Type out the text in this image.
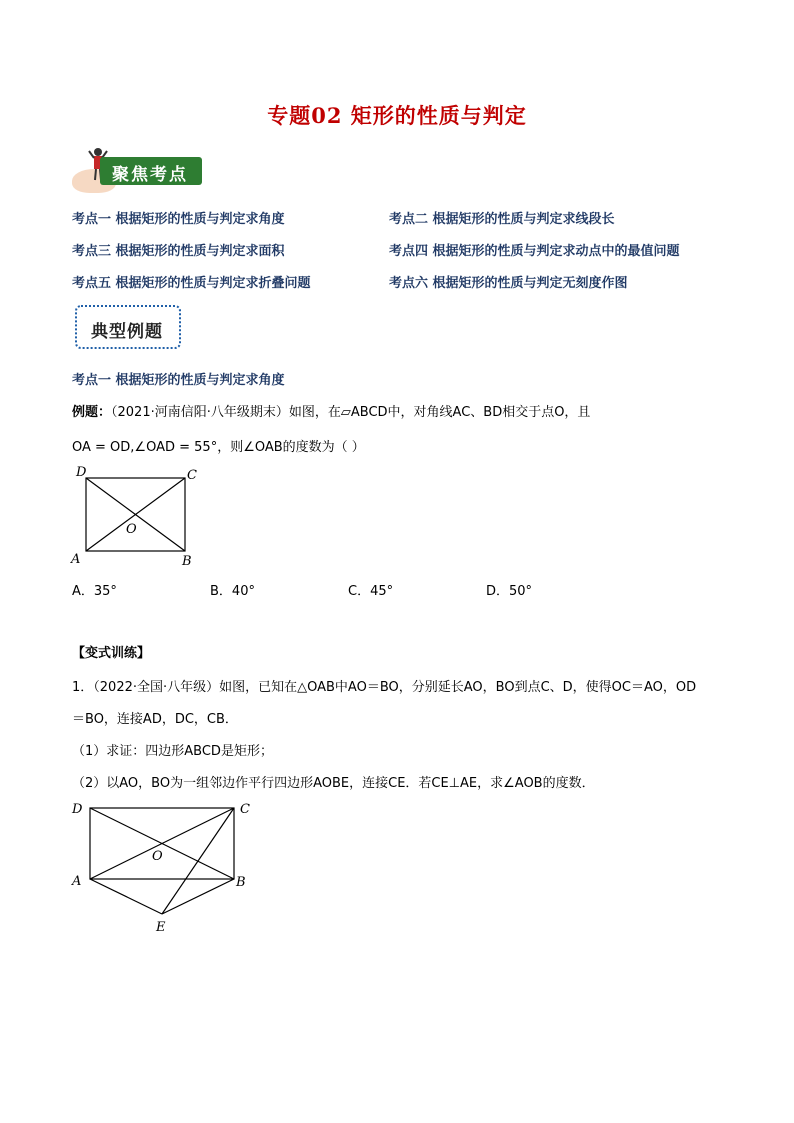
专题02 矩形的性质与判定
聚焦考点
考点一 根据矩形的性质与判定求角度	考点二 根据矩形的性质与判定求线段长
考点三 根据矩形的性质与判定求面积	考点四 根据矩形的性质与判定求动点中的最值问题
考点五 根据矩形的性质与判定求折叠问题	考点六 根据矩形的性质与判定无刻度作图
典型例题
考点一 根据矩形的性质与判定求角度
例题：（2021·河南信阳·八年级期末）如图，在▱ABCD中，对角线AC、BD相交于点O，且
OA = OD,∠OAD = 55°，则∠OAB的度数为（ ）
D	C
A	B
O
A．35°	B．40°	C．45°	D．50°
【变式训练】
1．（2022·全国·八年级）如图，已知在△OAB中AO＝BO，分别延长AO，BO到点C、D，使得OC＝AO，OD
＝BO，连接AD，DC，CB．
（1）求证：四边形ABCD是矩形；
（2）以AO，BO为一组邻边作平行四边形AOBE，连接CE．若CE⊥AE，求∠AOB的度数．
D	C
A	B
O
E
